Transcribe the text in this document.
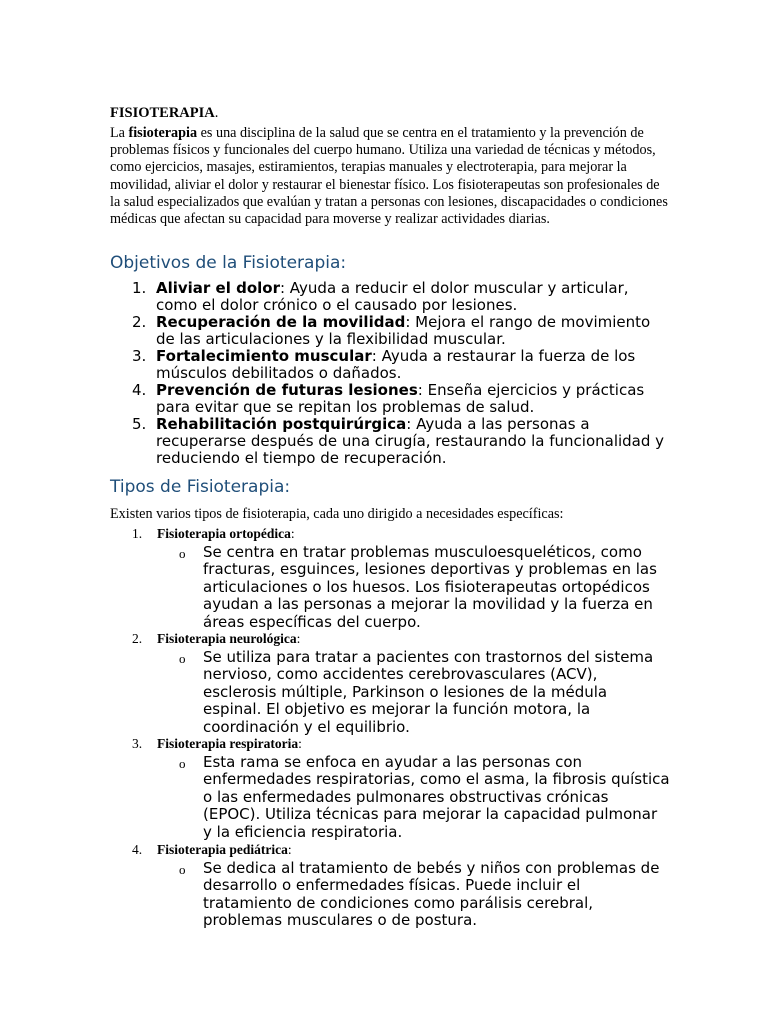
FISIOTERAPIA.
La fisioterapia es una disciplina de la salud que se centra en el tratamiento y la prevención de problemas físicos y funcionales del cuerpo humano. Utiliza una variedad de técnicas y métodos, como ejercicios, masajes, estiramientos, terapias manuales y electroterapia, para mejorar la movilidad, aliviar el dolor y restaurar el bienestar físico. Los fisioterapeutas son profesionales de la salud especializados que evalúan y tratan a personas con lesiones, discapacidades o condiciones médicas que afectan su capacidad para moverse y realizar actividades diarias.
Objetivos de la Fisioterapia:
1. Aliviar el dolor: Ayuda a reducir el dolor muscular y articular, como el dolor crónico o el causado por lesiones.
2. Recuperación de la movilidad: Mejora el rango de movimiento de las articulaciones y la flexibilidad muscular.
3. Fortalecimiento muscular: Ayuda a restaurar la fuerza de los músculos debilitados o dañados.
4. Prevención de futuras lesiones: Enseña ejercicios y prácticas para evitar que se repitan los problemas de salud.
5. Rehabilitación postquirúrgica: Ayuda a las personas a recuperarse después de una cirugía, restaurando la funcionalidad y reduciendo el tiempo de recuperación.
Tipos de Fisioterapia:
Existen varios tipos de fisioterapia, cada uno dirigido a necesidades específicas:
1. Fisioterapia ortopédica:
o Se centra en tratar problemas musculoesqueléticos, como fracturas, esguinces, lesiones deportivas y problemas en las articulaciones o los huesos. Los fisioterapeutas ortopédicos ayudan a las personas a mejorar la movilidad y la fuerza en áreas específicas del cuerpo.
2. Fisioterapia neurológica:
o Se utiliza para tratar a pacientes con trastornos del sistema nervioso, como accidentes cerebrovasculares (ACV), esclerosis múltiple, Parkinson o lesiones de la médula espinal. El objetivo es mejorar la función motora, la coordinación y el equilibrio.
3. Fisioterapia respiratoria:
o Esta rama se enfoca en ayudar a las personas con enfermedades respiratorias, como el asma, la fibrosis quística o las enfermedades pulmonares obstructivas crónicas (EPOC). Utiliza técnicas para mejorar la capacidad pulmonar y la eficiencia respiratoria.
4. Fisioterapia pediátrica:
o Se dedica al tratamiento de bebés y niños con problemas de desarrollo o enfermedades físicas. Puede incluir el tratamiento de condiciones como parálisis cerebral, problemas musculares o de postura.
